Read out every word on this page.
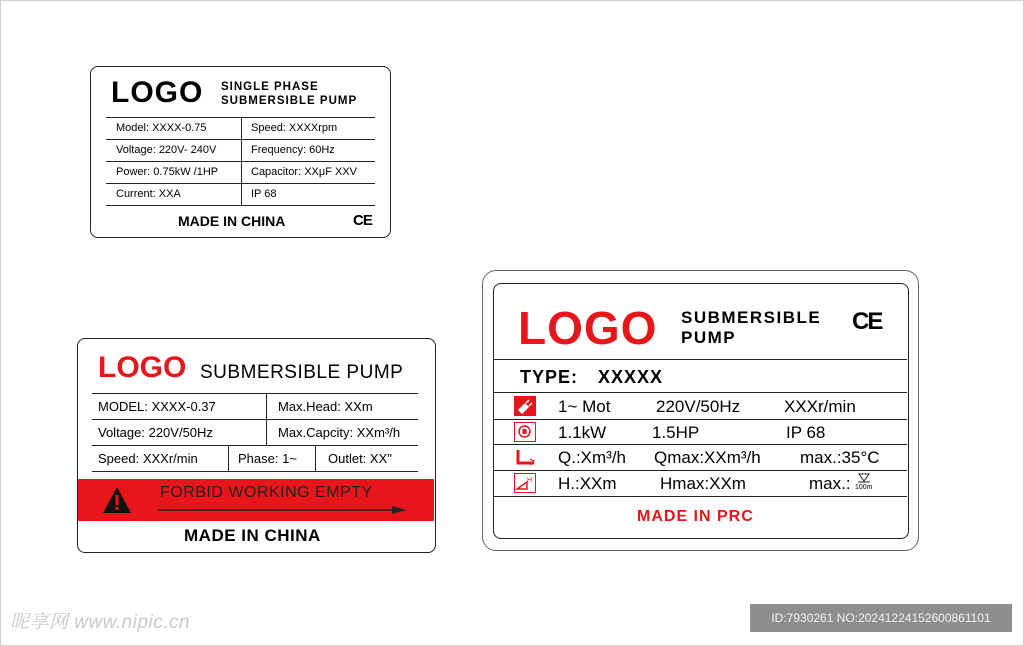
LOGO SINGLE PHASE
SUBMERSIBLE PUMP
Model: XXXX-0.75	Speed: XXXXrpm
Voltage: 220V- 240V	Frequency: 60Hz
Power: 0.75kW /1HP	Capacitor: XXμF XXV
Current: XXA	IP 68
MADE IN CHINA	CE
LOGO SUBMERSIBLE PUMP
MODEL: XXXX-0.37	Max.Head: XXm
Voltage: 220V/50Hz	Max.Capcity: XXm³/h
Speed: XXXr/min	Phase: 1~ Outlet: XX"
FORBID WORKING EMPTY
MADE IN CHINA
LOGO SUBMERSIBLE
PUMP
CE
TYPE: XXXXX
H
1~ Mot	220V/50Hz	XXXr/min
1.1kW	1.5HP	IP 68
Q.:Xm³/h Qmax:XXm³/h max.:35°C
H.:XXm	Hmax:XXm	max.: 100m
MADE IN PRC
昵享网 www.nipic.cn	ID:7930261 NO:20241224152600861101
